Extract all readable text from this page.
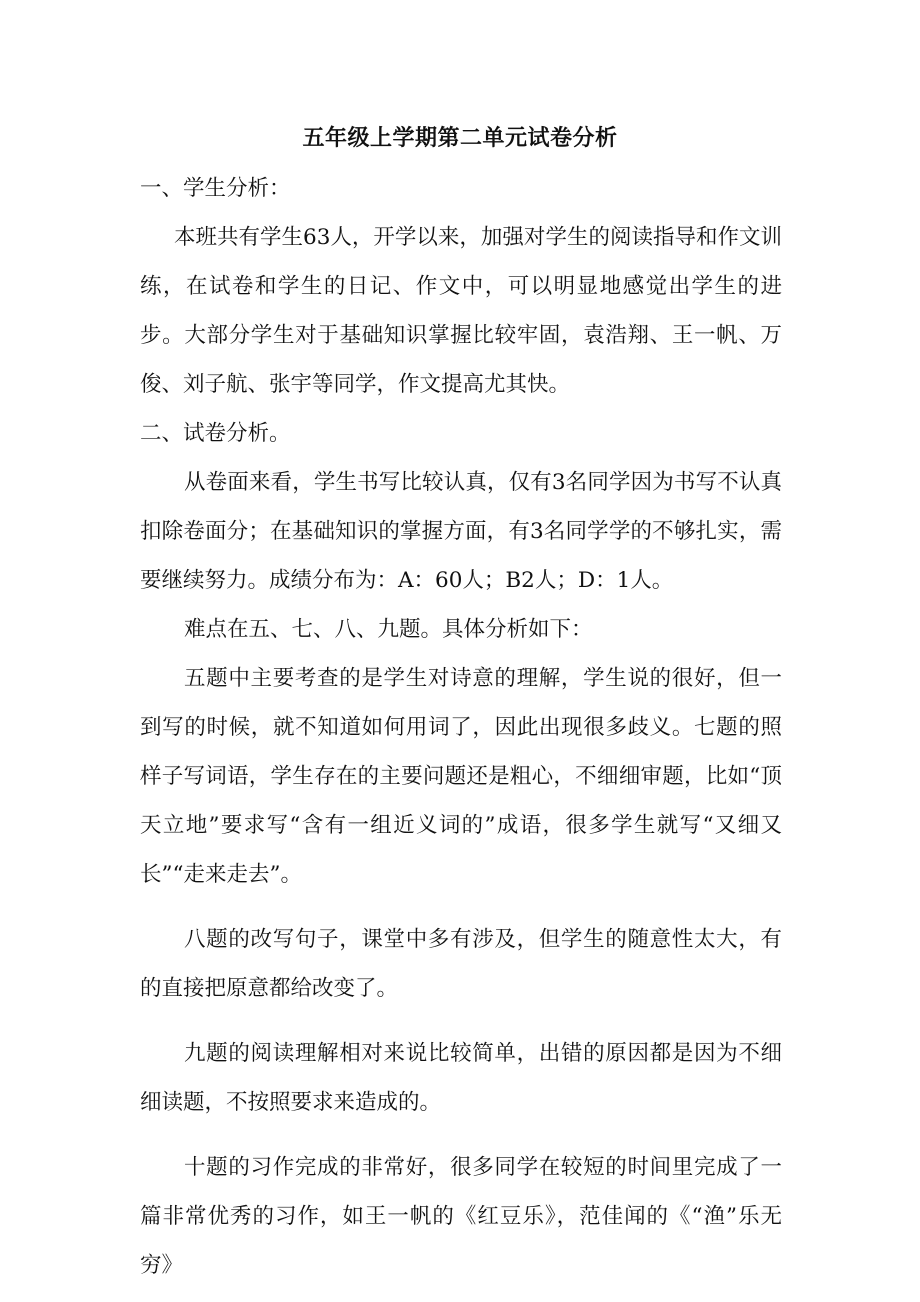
五年级上学期第二单元试卷分析

一、学生分析：

本班共有学生63人，开学以来，加强对学生的阅读指导和作文训练，在试卷和学生的日记、作文中，可以明显地感觉出学生的进步。大部分学生对于基础知识掌握比较牢固，袁浩翔、王一帆、万俊、刘子航、张宇等同学，作文提高尤其快。

二、试卷分析。

从卷面来看，学生书写比较认真，仅有3名同学因为书写不认真扣除卷面分；在基础知识的掌握方面，有3名同学学的不够扎实，需要继续努力。成绩分布为：A：60人；B2人；D：1人。

难点在五、七、八、九题。具体分析如下：

五题中主要考查的是学生对诗意的理解，学生说的很好，但一到写的时候，就不知道如何用词了，因此出现很多歧义。七题的照样子写词语，学生存在的主要问题还是粗心，不细细审题，比如“顶天立地”要求写“含有一组近义词的”成语，很多学生就写“又细又长”“走来走去”。

八题的改写句子，课堂中多有涉及，但学生的随意性太大，有的直接把原意都给改变了。

九题的阅读理解相对来说比较简单，出错的原因都是因为不细细读题，不按照要求来造成的。

十题的习作完成的非常好，很多同学在较短的时间里完成了一篇非常优秀的习作，如王一帆的《红豆乐》，范佳闻的《“渔”乐无穷》
